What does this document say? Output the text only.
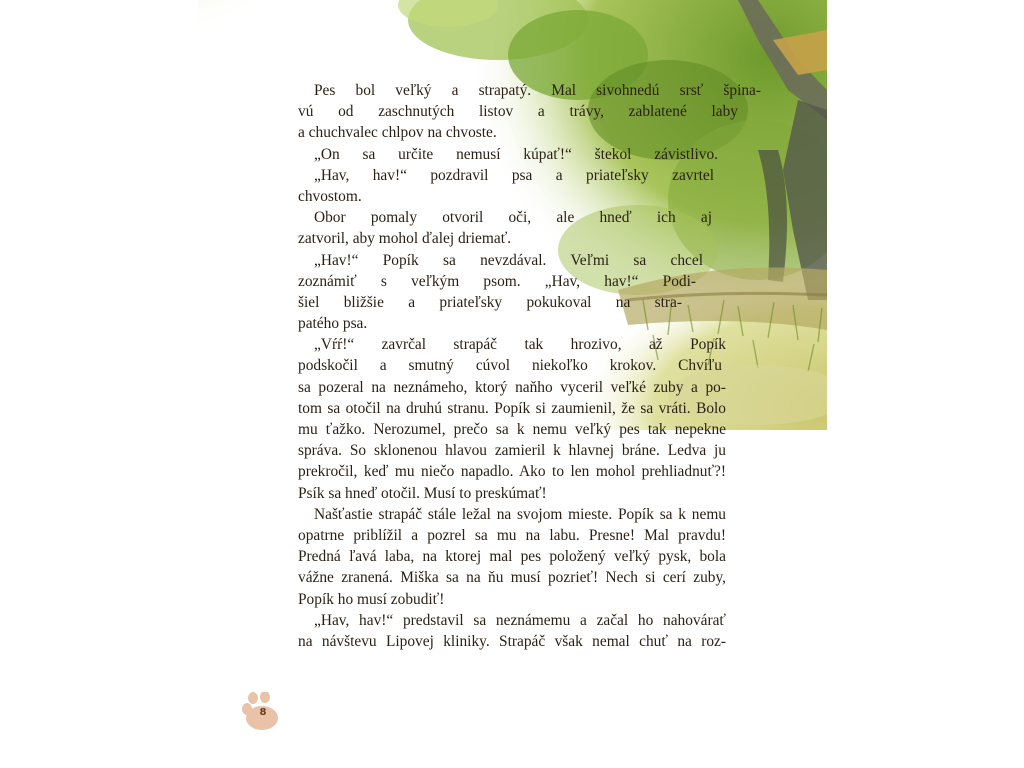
Pes bol veľký a strapatý. Mal sivohnedú srsť špina-
vú od zaschnutých listov a trávy, zablatené laby
a chuchvalec chlpov na chvoste.
„On sa určite nemusí kúpať!“ štekol závistlivo.
„Hav, hav!“ pozdravil psa a priateľsky zavrtel
chvostom.
Obor pomaly otvoril oči, ale hneď ich aj
zatvoril, aby mohol ďalej driemať.
„Hav!“ Popík sa nevzdával. Veľmi sa chcel
zoznámiť s veľkým psom. „Hav, hav!“ Podi-
šiel bližšie a priateľsky pokukoval na stra-
patého psa.
„Vŕŕ!“ zavrčal strapáč tak hrozivo, až Popík
podskočil a smutný cúvol niekoľko krokov. Chvíľu
sa pozeral na neznámeho, ktorý naňho vyceril veľké zuby a po-
tom sa otočil na druhú stranu. Popík si zaumienil, že sa vráti. Bolo
mu ťažko. Nerozumel, prečo sa k nemu veľký pes tak nepekne
správa. So sklonenou hlavou zamieril k hlavnej bráne. Ledva ju
prekročil, keď mu niečo napadlo. Ako to len mohol prehliadnuť?!
Psík sa hneď otočil. Musí to preskúmať!
Našťastie strapáč stále ležal na svojom mieste. Popík sa k nemu
opatrne priblížil a pozrel sa mu na labu. Presne! Mal pravdu!
Predná ľavá laba, na ktorej mal pes položený veľký pysk, bola
vážne zranená. Miška sa na ňu musí pozrieť! Nech si cerí zuby,
Popík ho musí zobudiť!
„Hav, hav!“ predstavil sa neznámemu a začal ho nahovárať
na návštevu Lipovej kliniky. Strapáč však nemal chuť na roz-
8
